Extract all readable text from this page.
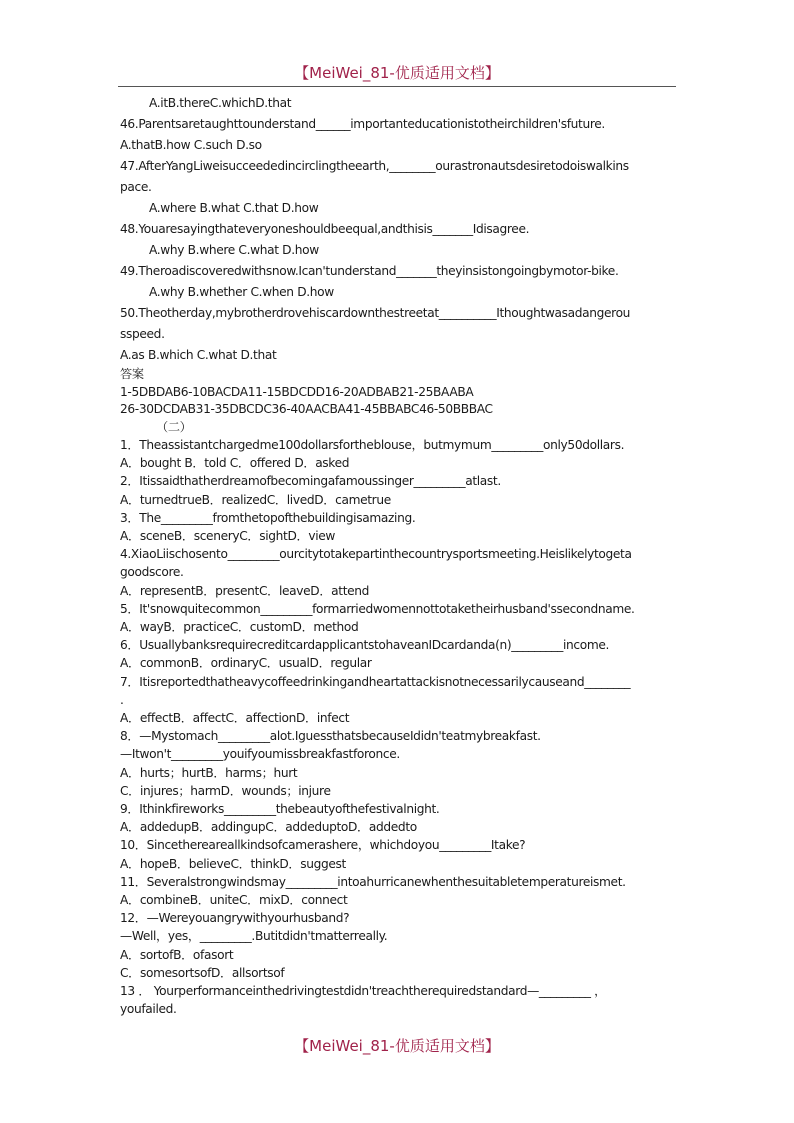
【MeiWei_81-优质适用文档】

A.itB.thereC.whichD.that

46.Parentsaretaughttounderstand______importanteducationistotheirchildren'sfuture.

A.thatB.how C.such D.so

47.AfterYangLiweisucceededincirclingtheearth,________ourastronautsdesiretodoiswalkins

pace.

A.where B.what C.that D.how

48.Youaresayingthateveryoneshouldbeequal,andthisis_______Idisagree.

A.why B.where C.what D.how

49.Theroadiscoveredwithsnow.Ican'tunderstand_______theyinsistongoingbymotor-bike.

A.why B.whether C.when D.how

50.Theotherday,mybrotherdrovehiscardownthestreetat__________Ithoughtwasadangerou

sspeed.

A.as B.which C.what D.that

答案

1-5DBDAB6-10BACDA11-15BDCDD16-20ADBAB21-25BAABA

26-30DCDAB31-35DBCDC36-40AACBA41-45BBABC46-50BBBAC

（二）

1．Theassistantchargedme100dollarsfortheblouse，butmymum_________only50dollars.

A．bought B．told C．offered D．asked

2．Itissaidthatherdreamofbecomingafamoussinger_________atlast.

A．turnedtrueB．realizedC．livedD．cametrue

3．The_________fromthetopofthebuildingisamazing.

A．sceneB．sceneryC．sightD．view

4.XiaoLiischosento_________ourcitytotakepartinthecountrysportsmeeting.Heislikelytogeta

goodscore.

A．representB．presentC．leaveD．attend

5．It'snowquitecommon_________formarriedwomennottotaketheirhusband'ssecondname.

A．wayB．practiceC．customD．method

6．UsuallybanksrequirecreditcardapplicantstohaveanIDcardanda(n)_________income.

A．commonB．ordinaryC．usualD．regular

7．Itisreportedthatheavycoffeedrinkingandheartattackisnotnecessarilycauseand________

.

A．effectB．affectC．affectionD．infect

8．—Mystomach_________alot.IguessthatsbecauseIdidn'teatmybreakfast.

—Itwon't_________youifyoumissbreakfastforonce.

A．hurts；hurtB．harms；hurt

C．injures；harmD．wounds；injure

9．Ithinkfireworks_________thebeautyofthefestivalnight.

A．addedupB．addingupC．addeduptoD．addedto

10．Sincethereareallkindsofcamerashere，whichdoyou_________Itake?

A．hopeB．believeC．thinkD．suggest

11．Severalstrongwindsmay_________intoahurricanewhenthesuitabletemperatureismet.

A．combineB．uniteC．mixD．connect

12．—Wereyouangrywithyourhusband?

—Well，yes，_________.Butitdidn'tmatterreally.

A．sortofB．ofasort

C．somesortsofD．allsortsof

13 ． Yourperformanceinthedrivingtestdidn'treachtherequiredstandard—_________ ，

youfailed.

【MeiWei_81-优质适用文档】
